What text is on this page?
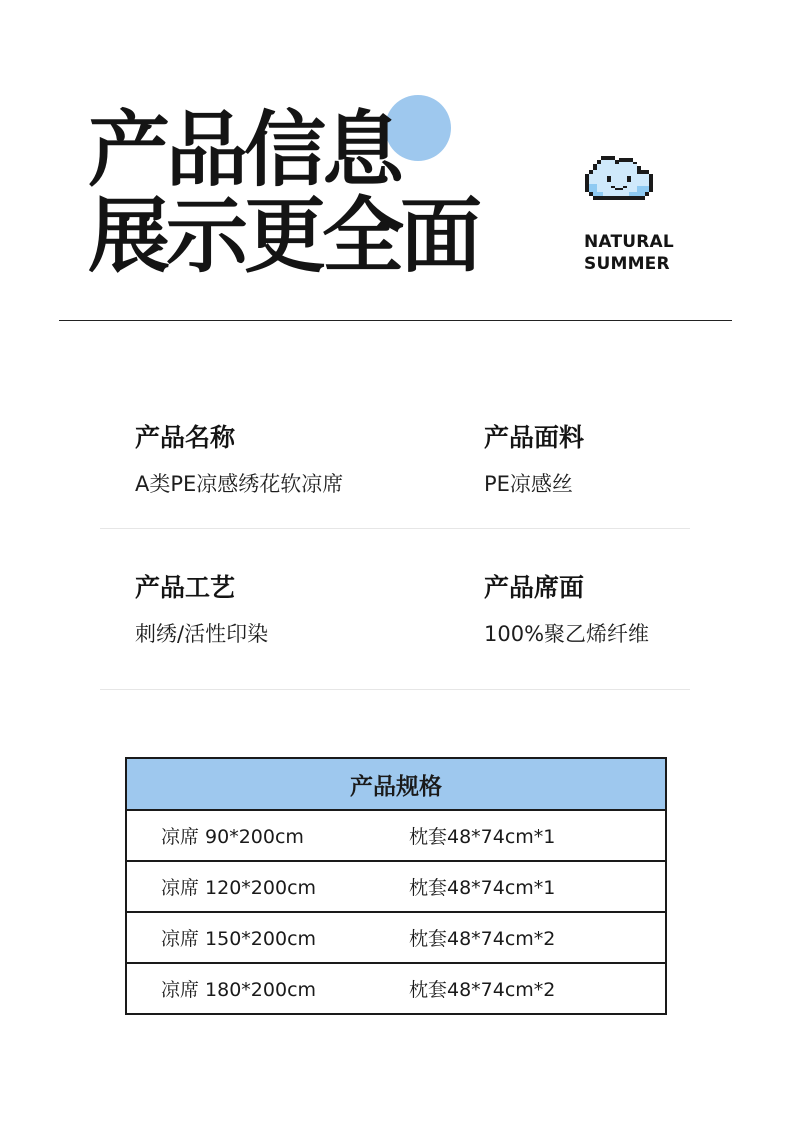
产品信息
展示更全面	NATURAL
SUMMER
产品名称
A类PE凉感绣花软凉席
产品面料
PE凉感丝
产品工艺
刺绣/活性印染
产品席面
100%聚乙烯纤维
产品规格
凉席 90*200cm	枕套48*74cm*1
凉席 120*200cm	枕套48*74cm*1
凉席 150*200cm	枕套48*74cm*2
凉席 180*200cm	枕套48*74cm*2
